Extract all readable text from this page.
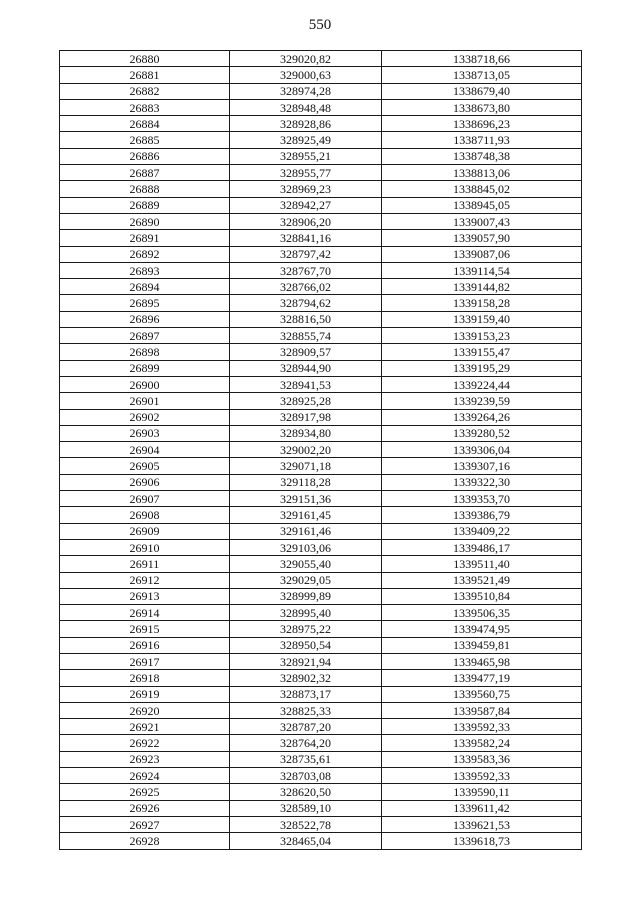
550
26880	329020,82	1338718,66
26881	329000,63	1338713,05
26882	328974,28	1338679,40
26883	328948,48	1338673,80
26884	328928,86	1338696,23
26885	328925,49	1338711,93
26886	328955,21	1338748,38
26887	328955,77	1338813,06
26888	328969,23	1338845,02
26889	328942,27	1338945,05
26890	328906,20	1339007,43
26891	328841,16	1339057,90
26892	328797,42	1339087,06
26893	328767,70	1339114,54
26894	328766,02	1339144,82
26895	328794,62	1339158,28
26896	328816,50	1339159,40
26897	328855,74	1339153,23
26898	328909,57	1339155,47
26899	328944,90	1339195,29
26900	328941,53	1339224,44
26901	328925,28	1339239,59
26902	328917,98	1339264,26
26903	328934,80	1339280,52
26904	329002,20	1339306,04
26905	329071,18	1339307,16
26906	329118,28	1339322,30
26907	329151,36	1339353,70
26908	329161,45	1339386,79
26909	329161,46	1339409,22
26910	329103,06	1339486,17
26911	329055,40	1339511,40
26912	329029,05	1339521,49
26913	328999,89	1339510,84
26914	328995,40	1339506,35
26915	328975,22	1339474,95
26916	328950,54	1339459,81
26917	328921,94	1339465,98
26918	328902,32	1339477,19
26919	328873,17	1339560,75
26920	328825,33	1339587,84
26921	328787,20	1339592,33
26922	328764,20	1339582,24
26923	328735,61	1339583,36
26924	328703,08	1339592,33
26925	328620,50	1339590,11
26926	328589,10	1339611,42
26927	328522,78	1339621,53
26928	328465,04	1339618,73
